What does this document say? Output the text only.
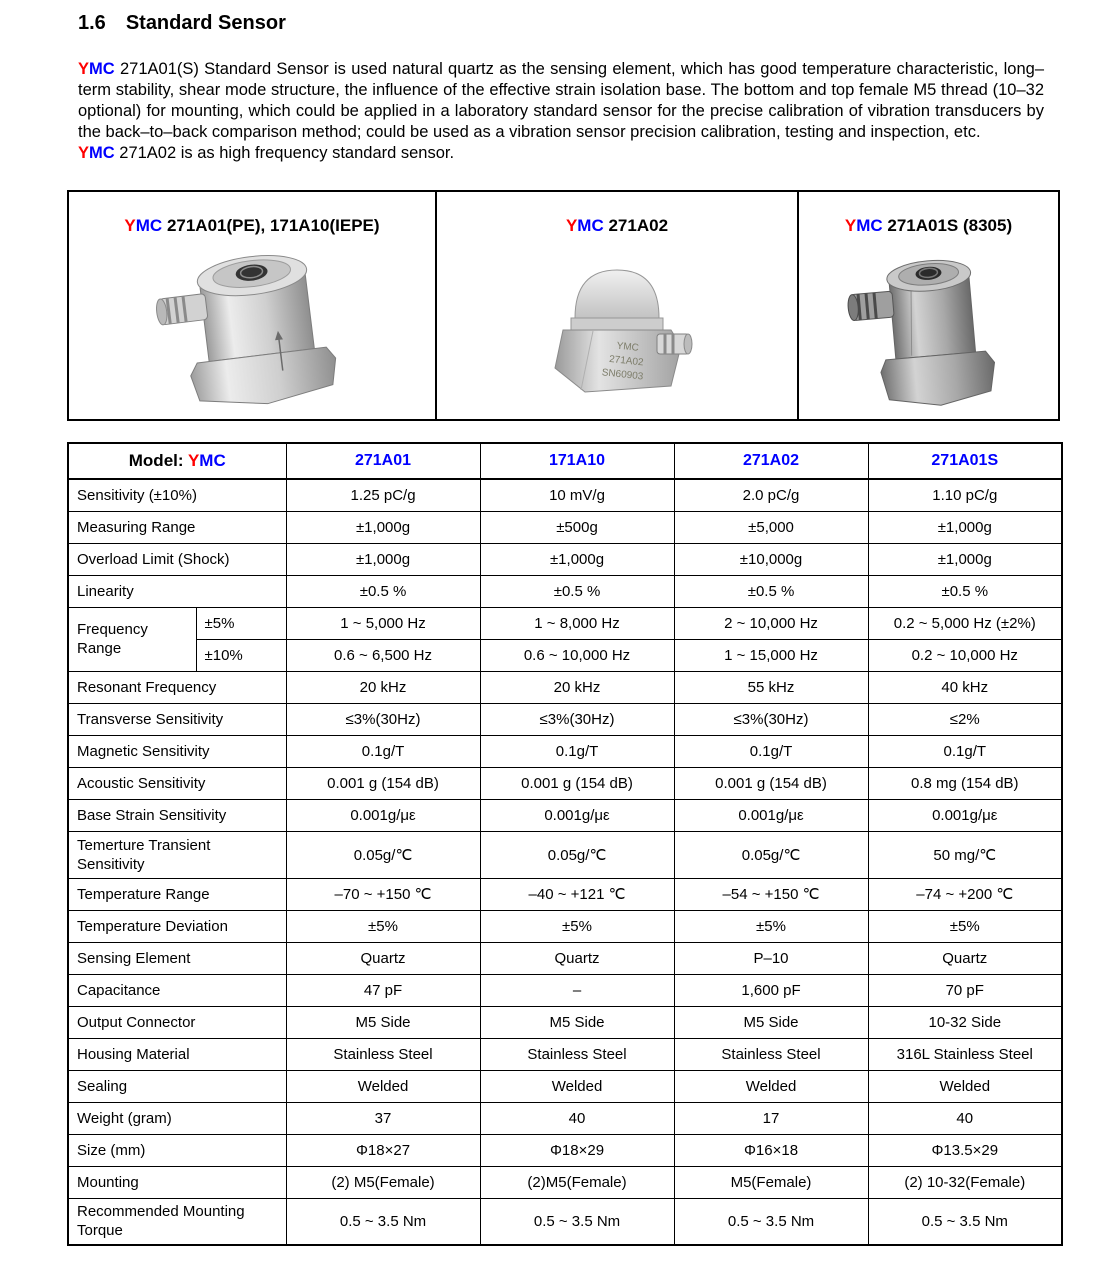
1.6 Standard Sensor
YMC 271A01(S) Standard Sensor is used natural quartz as the sensing element, which has good temperature characteristic, long–term stability, shear mode structure, the influence of the effective strain isolation base. The bottom and top female M5 thread (10–32 optional) for mounting, which could be applied in a laboratory standard sensor for the precise calibration of vibration transducers by the back–to–back comparison method; could be used as a vibration sensor precision calibration, testing and inspection, etc.
YMC 271A02 is as high frequency standard sensor.
YMC 271A01(PE), 171A10(IEPE)	YMC 271A02
YMC
271A02
SN60903
YMC 271A01S (8305)
Model: YMC		271A01	171A10	271A02	271A01S
Sensitivity (±10%)		1.25 pC/g	10 mV/g	2.0 pC/g	1.10 pC/g
Measuring Range		±1,000g	±500g	±5,000	±1,000g
Overload Limit (Shock)		±1,000g	±1,000g	±10,000g	±1,000g
Linearity		±0.5 %	±0.5 %	±0.5 %	±0.5 %
Frequency Range	±5%	1 ~ 5,000 Hz	1 ~ 8,000 Hz	2 ~ 10,000 Hz	0.2 ~ 5,000 Hz (±2%)
	±10%	0.6 ~ 6,500 Hz	0.6 ~ 10,000 Hz	1 ~ 15,000 Hz	0.2 ~ 10,000 Hz
Resonant Frequency		20 kHz	20 kHz	55 kHz	40 kHz
Transverse Sensitivity		≤3%(30Hz)	≤3%(30Hz)	≤3%(30Hz)	≤2%
Magnetic Sensitivity		0.1g/T	0.1g/T	0.1g/T	0.1g/T
Acoustic Sensitivity		0.001 g (154 dB)	0.001 g (154 dB)	0.001 g (154 dB)	0.8 mg (154 dB)
Base Strain Sensitivity		0.001g/με	0.001g/με	0.001g/με	0.001g/με
Temerture Transient Sensitivity		0.05g/℃	0.05g/℃	0.05g/℃	50 mg/℃
Temperature Range		–70 ~ +150 ℃	–40 ~ +121 ℃	–54 ~ +150 ℃	–74 ~ +200 ℃
Temperature Deviation		±5%	±5%	±5%	±5%
Sensing Element		Quartz	Quartz	P–10	Quartz
Capacitance		47 pF	–	1,600 pF	70 pF
Output Connector		M5 Side	M5 Side	M5 Side	10-32 Side
Housing Material		Stainless Steel	Stainless Steel	Stainless Steel	316L Stainless Steel
Sealing		Welded	Welded	Welded	Welded
Weight (gram)		37	40	17	40
Size (mm)		Φ18×27	Φ18×29	Φ16×18	Φ13.5×29
Mounting		(2) M5(Female)	(2)M5(Female)	M5(Female)	(2) 10-32(Female)
Recommended Mounting Torque		0.5 ~ 3.5 Nm	0.5 ~ 3.5 Nm	0.5 ~ 3.5 Nm	0.5 ~ 3.5 Nm
